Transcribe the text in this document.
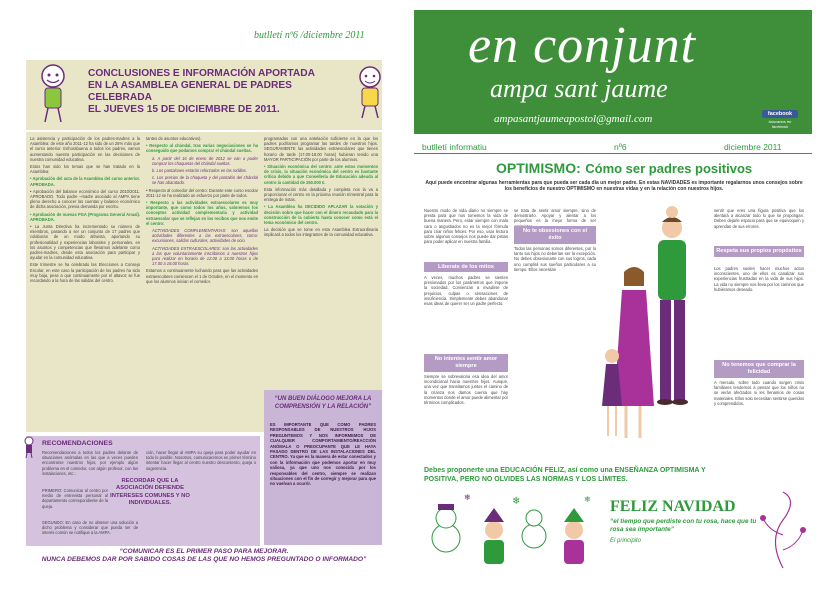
butlletí nº6 /diciembre 2011
CONCLUSIONES E INFORMACIÓN APORTADA
EN LA ASAMBLEA GENERAL DE PADRES CELEBRADA
EL JUEVES 15 DE DICIEMBRE DE 2011.

La asistencia y participación de los padres-madres a la Asamblea: de este año 2011-12 ha sido de un 25% más que el curso anterior. Enhorabuena a todos los padres, vamos aumentando nuestra participación en las decisiones de nuestra comunidad educativa.

Estos han sido los temas que se han tratado en la Asamblea:

• Aprobación del acta de la Asamblea del curso anterior. APROBADA.

• Aprobación del balance económico del curso 2010/2011. APROBADO. Todo padre –madre asociado al AMPA tiene pleno derecho a conocer las cuentas y balance económico de dicha asociación, previa demanda por escrito.

• Aprobación de nuevas PGA (Programa General Anual). APROBADA.

• La Junta Directiva ha incrementado su número de miembros, pasando a ser un conjunto de 17 padres que colaboran de un modo altruista, aportando su profesionalidad y experiencias laborales y personales, en los asuntos y competencias que llevamos adelante como padres-madres, desde esta asociación para participar y ayudar en la comunidad educativa.

Este trimestre se ha celebrado las Elecciones a Consejo Escolar, en este caso la participación de los padres ha sido muy baja, pese a que continuamente por el altavoz se fue recordando a la hora de las salidas del centro.

tantes de asuntos educativos).

• Respecto al chándal, tras varias negociaciones se ha conseguido que podamos comprar el chándal sueltas.

a. A partir del 16 de enero de 2012 se van a poder comprar los chaquetas del chándal sueltas.

b. Los pantalones estarán reforzados en las rodillas.

c. Los precios de la chaqueta y del pantalón del chándal se han abaratado.

• Respecto al comedor del centro: Durante este curso escolar 2011-12 se ha realizado un esfuerzo por parte de todos.

• Respecto a las actividades extraescolares es muy importante, que como todos los años, valoremos los conceptos actividad complementaria y actividad extraescolar que se reflejan en los recibos que nos emite el centro:

ACTIVIDADES COMPLEMENTARIAS: son aquellas actividades diferentes a las extraescolares, como: excursiones, salidas culturales, actividades de ocio.

ACTIVIDADES EXTRAESCOLARES: son las actividades a las que voluntariamente inscribimos a nuestros hijos para realizar en horario de 12.00 a 13.00 horas o de 17.00 a 18.00 horas.

Estamos a continuamente luchando para que las actividades extraescolares comiencen el 1 de Octubre, en el momento en que los alumnos inician el comedor.

programadas con una antelación suficiente en la que los padres podríamos programar las tardes de nuestros hijos. SEGURAMENTE las actividades extraescolares que tienen horario de tarde (17.00-18.00 horas) hubieran tenido una MAYOR PARTICIPACIÓN por parte de los alumnos.

• Situación económica del centro: ante estos momentos de crisis, la situación económica del centro es bastante crítica debido a que Consellería de Educación adeuda al centro la cantidad de 250.000 €.

Esta información más detallada y completa nos la va a proporcionar el centro en la próxima reunión trimestral para la entrega de notas.

• La Asamblea ha DECIDIDO APLAZAR la votación y decisión sobre que hacer con el dinero recaudado para la construcción de la cubierta hasta conocer como está el tema económico del centro.

La decisión que se tome en esta Asamblea Extraordinaria implicará a todos los integrantes de la comunidad educativa.

“UN BUEN DIÁLOGO MEJORA LA COMPRENSIÓN Y LA RELACIÓN”
ES IMPORTANTE QUE COMO PADRES RESPONSABLES DE NUESTROS HIJOS PREGUNTEMOS Y NOS INFORMEMOS DE CUALQUIER COMPORTAMIENTO/REACCIÓN ANÓMALA O PREOCUPANTE QUE LE HAYA PASADO DENTRO DE LAS INSTALACIONES DEL CENTRO. Ya que es la manera de estar conectados y con la información que podemos aportar en muy valiosa, ya que uno nos conocida por los responsables del centro, siempre se realizan situaciones con el fin de corregir y mejorar para que no vuelvan a ocurrir.
RECOMENDACIONES
Recomendaciones a todos los padres delante de situaciones anómalas en las que a veces pueden encontrarse nuestros hijos, por ejemplo algún problema en el comedor, con algún profesor, con las instalaciones, etc.:
PRIMERO: Comunicar al centro por medio de entrevista personal al departamento correspondiente de la queja.
SEGUNDO: En caso de no obtener una solución a dicho problema y considerar que pueda ser de interés común se notifique a la AMPA.
ción, hacer llegar al AMPA su queja para poder ayudar en todo lo posible. Nosotros, comunicaremos en primer término intentar hacer llegar al centro nuestro descontento, queja o sugerencia.
RECORDAR QUE LA ASOCIACIÓN DEFIENDE INTERESES COMUNES Y NO INDIVIDUALES.
“COMUNICAR ES EL PRIMER PASO PARA MEJORAR.
NUNCA DEBEMOS DAR POR SABIDO COSAS DE LAS QUE NO HEMOS PREGUNTADO O INFORMADO”
en conjunt
ampa sant jaume
ampasantjaumeapostol@gmail.com	facebook
búscanos en facebook
butlletí informatiu	nº6	diciembre 2011
OPTIMISMO: Cómo ser padres positivos
Aquí puede encontrar algunas herramientas para que pueda ser cada día un mejor padre. En estas NAVIDADES es importante regalarnos unos consejos sobre los beneficios de nuestro OPTIMISMO en nuestras vidas y en la relación con nuestros hijos.
Nuestro modo de vida diario no siempre se presta para que nos tomemos la vida de buena manera. Pero, estar siempre con mala cara o angustiados no es la mejor fórmula para criar niños felices. Por eso, usar lectura sobre algunos consejos nos puede dar pistas para poder aplicar en nuestra familia.
Liberate de los mitos
A veces, muchos padres se sienten presionados por los parámetros que impone la sociedad. Comienzan a invadirse de prejuicios, culpas o sensaciones de insuficiencia. Simplemente debes abandonar esas ideas de querer ser un padre perfecto.
No intentes sentir amor siempre
Siempre se sobrevaloria esa idea del amor incondicional hacia nuestros hijos. Aunque, una vez que transitamos juntos el camino de la crianza nos damos cuenta que hay momentos donde el amor puede alimentar por términos complicados.
se trata de sentir amor siempre, sino de demostrarlo. Apoyar y alentar a los pequeños es la mejor forma de ser
No te obsesiones con el éxito
Todos las personas somos diferentes, por lo tanto tus hijos no deberían ser la excepción. No debes obsesionarte con sus logros, cada uno cumplirá sus sueños particulares a su tiempo. Ellos necesitan
sentir que eres una figura positiva que los alentará a alcanzar todo lo que se propongan. Deben dejarle espacio para que se equivoquen y aprendan de sus errores.
Respeta sus propios propósitos
Los padres suelen hacer muchos actos inconscientes, uno de ellos es canalizar sus experiencias frustradas en la vida de sus hijos. La vida no siempre nos lleva por los caminos que hubiéramos deseado.
No tenemos que comprar la felicidad
A menudo, sobre todo cuando surgen crisis familiares tendemos a pensar que los niños no se verán afectados si les llenamos de cosas materiales. Ellos solo necesitan sentirse queridos y comprendidos.
Debes proponerte una EDUCACIÓN FELIZ, así como una ENSEÑANZA OPTIMISMA Y POSITIVA, PERO NO OLVIDES LAS NORMAS Y LOS LÍMITES.
❄
❄	❄ FELIZ NAVIDAD
“el tiempo que perdiste con tu rosa, hace que tu rosa sea importante”
El principito
